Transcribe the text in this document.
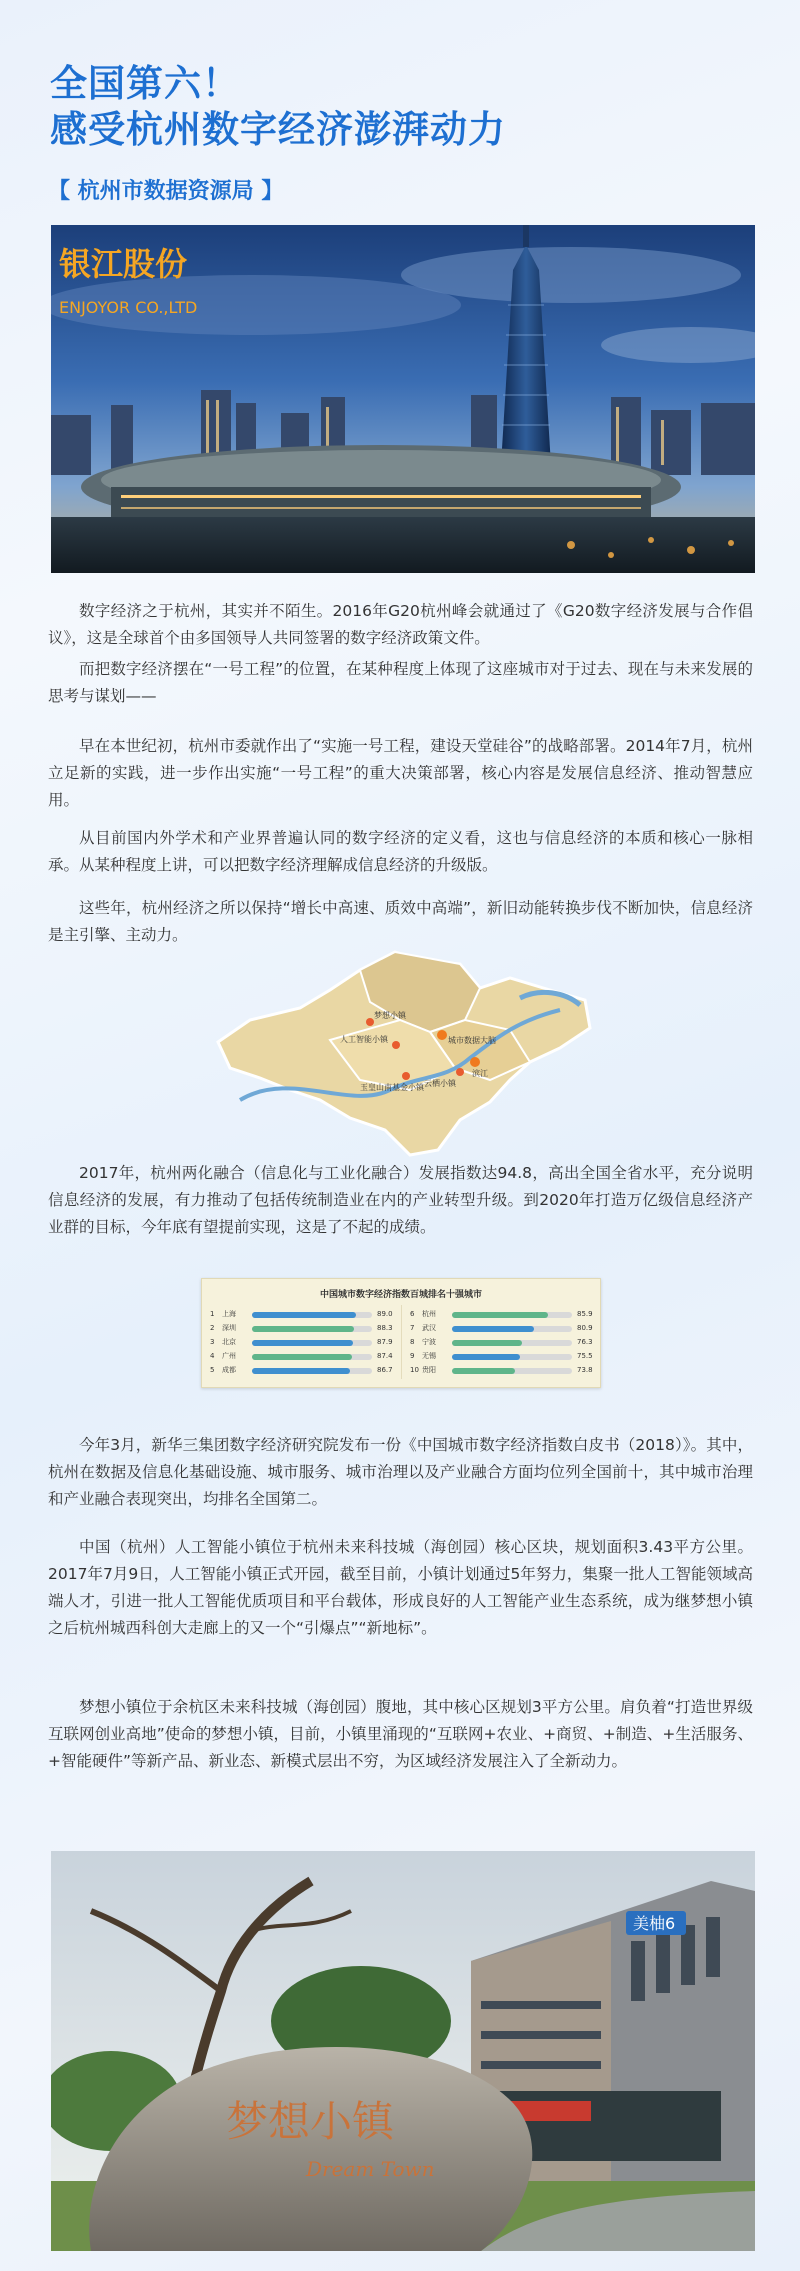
全国第六！
感受杭州数字经济澎湃动力
【 杭州市数据资源局 】
银江股份
ENJOYOR CO.,LTD

数字经济之于杭州，其实并不陌生。2016年G20杭州峰会就通过了《G20数字经济发展与合作倡议》，这是全球首个由多国领导人共同签署的数字经济政策文件。

而把数字经济摆在“一号工程”的位置，在某种程度上体现了这座城市对于过去、现在与未来发展的思考与谋划——

早在本世纪初，杭州市委就作出了“实施一号工程，建设天堂硅谷”的战略部署。2014年7月，杭州立足新的实践，进一步作出实施“一号工程”的重大决策部署，核心内容是发展信息经济、推动智慧应用。

从目前国内外学术和产业界普遍认同的数字经济的定义看，这也与信息经济的本质和核心一脉相承。从某种程度上讲，可以把数字经济理解成信息经济的升级版。

这些年，杭州经济之所以保持“增长中高速、质效中高端”，新旧动能转换步伐不断加快，信息经济是主引擎、主动力。

梦想小镇
人工智能小镇	城市数据大脑
玉皇山南基金小镇 云栖小镇
滨江

2017年，杭州两化融合（信息化与工业化融合）发展指数达94.8，高出全国全省水平，充分说明信息经济的发展，有力推动了包括传统制造业在内的产业转型升级。到2020年打造万亿级信息经济产业群的目标，今年底有望提前实现，这是了不起的成绩。

中国城市数字经济指数百城排名十强城市
1	上海	89.0
2	深圳	88.3
3	北京	87.9
4	广州	87.4
5	成都	86.7
6	杭州	85.9
7	武汉	80.9
8	宁波	76.3
9	无锡	75.5
10 贵阳	73.8

今年3月，新华三集团数字经济研究院发布一份《中国城市数字经济指数白皮书（2018）》。其中，杭州在数据及信息化基础设施、城市服务、城市治理以及产业融合方面均位列全国前十，其中城市治理和产业融合表现突出，均排名全国第二。

中国（杭州）人工智能小镇位于杭州未来科技城（海创园）核心区块，规划面积3.43平方公里。2017年7月9日，人工智能小镇正式开园，截至目前，小镇计划通过5年努力，集聚一批人工智能领域高端人才，引进一批人工智能优质项目和平台载体，形成良好的人工智能产业生态系统，成为继梦想小镇之后杭州城西科创大走廊上的又一个“引爆点”“新地标”。

梦想小镇位于余杭区未来科技城（海创园）腹地，其中核心区规划3平方公里。肩负着“打造世界级互联网创业高地”使命的梦想小镇，目前，小镇里涌现的“互联网+农业、+商贸、+制造、+生活服务、+智能硬件”等新产品、新业态、新模式层出不穷，为区域经济发展注入了全新动力。

美柚6
梦想小镇
Dream Town
